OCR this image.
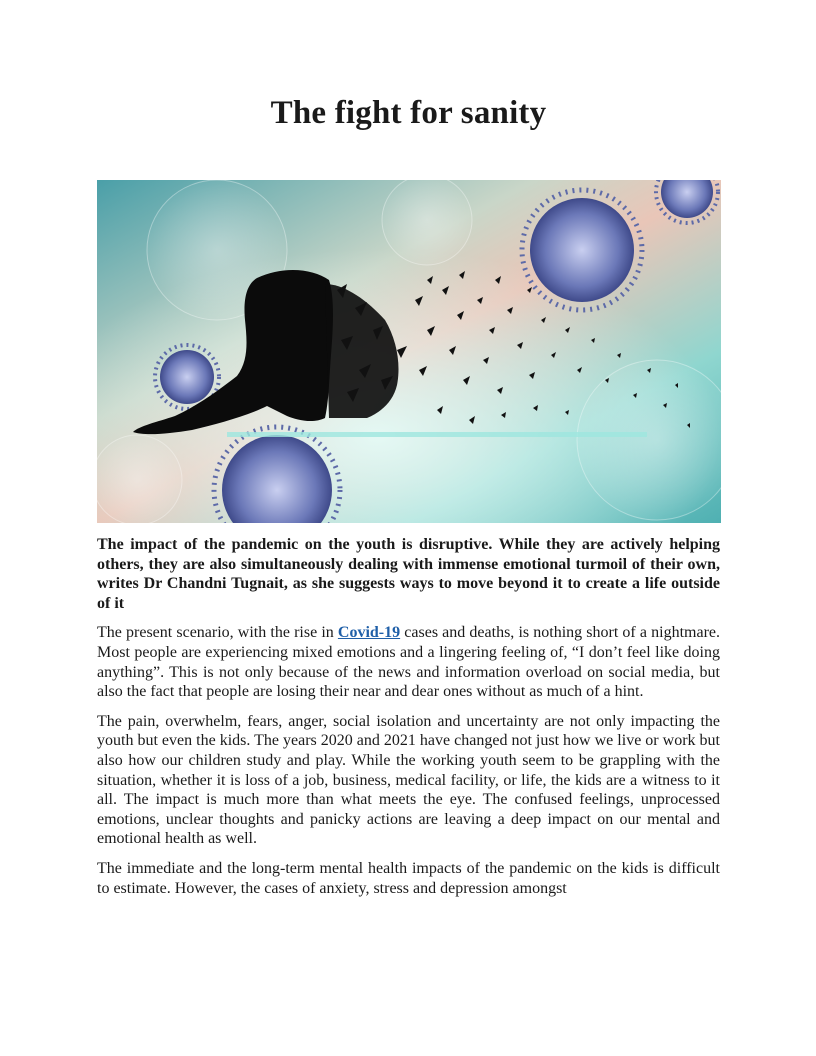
The fight for sanity

The impact of the pandemic on the youth is disruptive. While they are actively helping others, they are also simultaneously dealing with immense emotional turmoil of their own, writes Dr Chandni Tugnait, as she suggests ways to move beyond it to create a life outside of it

The present scenario, with the rise in Covid-19 cases and deaths, is nothing short of a nightmare. Most people are experiencing mixed emotions and a lingering feeling of, “I don’t feel like doing anything”. This is not only because of the news and information overload on social media, but also the fact that people are losing their near and dear ones without as much of a hint.

The pain, overwhelm, fears, anger, social isolation and uncertainty are not only impacting the youth but even the kids. The years 2020 and 2021 have changed not just how we live or work but also how our children study and play. While the working youth seem to be grappling with the situation, whether it is loss of a job, business, medical facility, or life, the kids are a witness to it all. The impact is much more than what meets the eye. The confused feelings, unprocessed emotions, unclear thoughts and panicky actions are leaving a deep impact on our mental and emotional health as well.

The immediate and the long-term mental health impacts of the pandemic on the kids is difficult to estimate. However, the cases of anxiety, stress and depression amongst
